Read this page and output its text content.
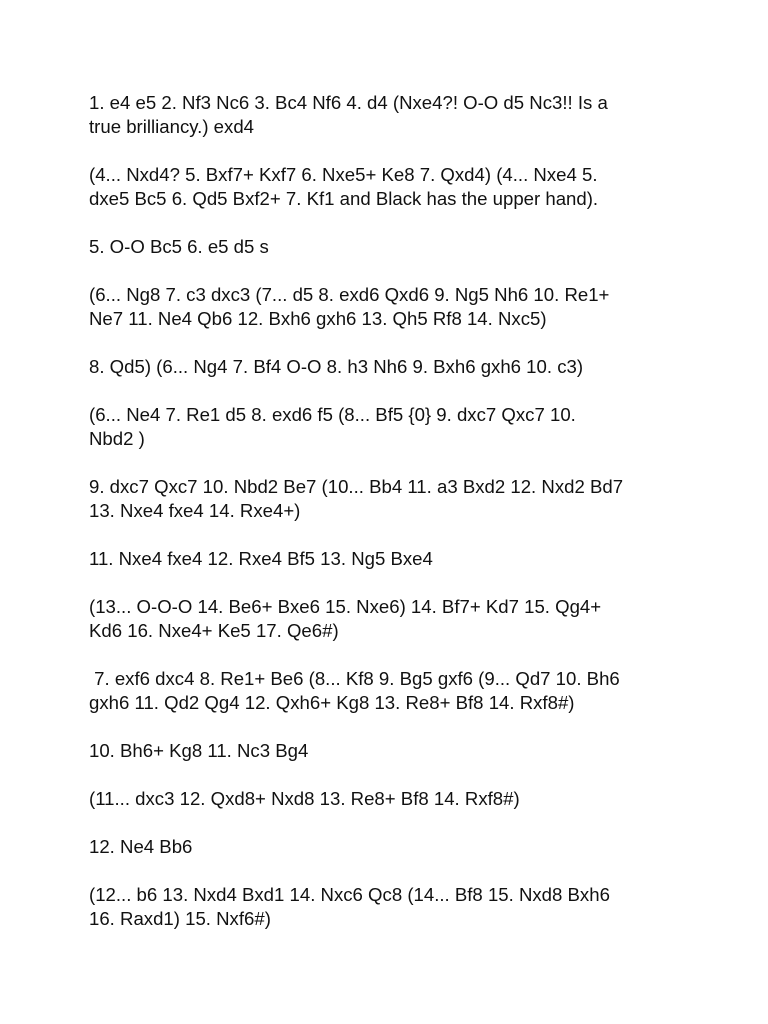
1. e4 e5 2. Nf3 Nc6 3. Bc4 Nf6 4. d4 (Nxe4?! O-O d5 Nc3!! Is a
true brilliancy.) exd4

(4... Nxd4? 5. Bxf7+ Kxf7 6. Nxe5+ Ke8 7. Qxd4) (4... Nxe4 5.
dxe5 Bc5 6. Qd5 Bxf2+ 7. Kf1 and Black has the upper hand).

5. O-O Bc5 6. e5 d5 s

(6... Ng8 7. c3 dxc3 (7... d5 8. exd6 Qxd6 9. Ng5 Nh6 10. Re1+
Ne7 11. Ne4 Qb6 12. Bxh6 gxh6 13. Qh5 Rf8 14. Nxc5)

8. Qd5) (6... Ng4 7. Bf4 O-O 8. h3 Nh6 9. Bxh6 gxh6 10. c3)

(6... Ne4 7. Re1 d5 8. exd6 f5 (8... Bf5 {0} 9. dxc7 Qxc7 10.
Nbd2 )

9. dxc7 Qxc7 10. Nbd2 Be7 (10... Bb4 11. a3 Bxd2 12. Nxd2 Bd7
13. Nxe4 fxe4 14. Rxe4+)

11. Nxe4 fxe4 12. Rxe4 Bf5 13. Ng5 Bxe4

(13... O-O-O 14. Be6+ Bxe6 15. Nxe6) 14. Bf7+ Kd7 15. Qg4+
Kd6 16. Nxe4+ Ke5 17. Qe6#)

7. exf6 dxc4 8. Re1+ Be6 (8... Kf8 9. Bg5 gxf6 (9... Qd7 10. Bh6
gxh6 11. Qd2 Qg4 12. Qxh6+ Kg8 13. Re8+ Bf8 14. Rxf8#)

10. Bh6+ Kg8 11. Nc3 Bg4

(11... dxc3 12. Qxd8+ Nxd8 13. Re8+ Bf8 14. Rxf8#)

12. Ne4 Bb6

(12... b6 13. Nxd4 Bxd1 14. Nxc6 Qc8 (14... Bf8 15. Nxd8 Bxh6
16. Raxd1) 15. Nxf6#)
